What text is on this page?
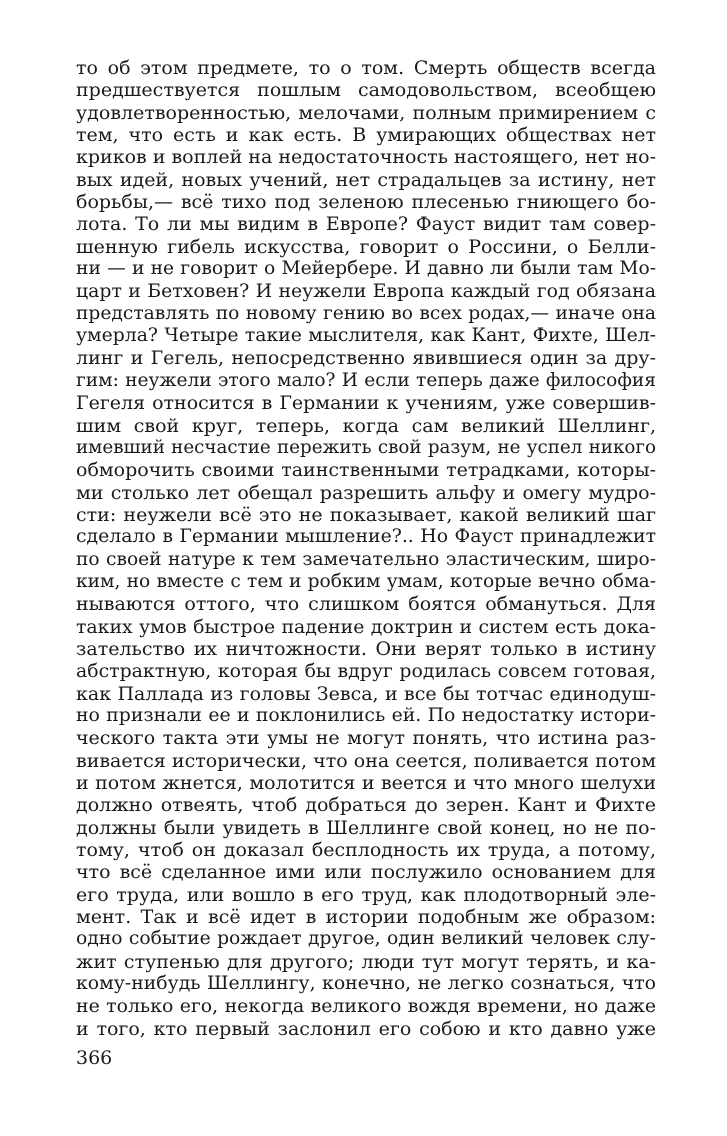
то об этом предмете, то о том. Смерть обществ всегда
предшествуется пошлым самодовольством, всеобщею
удовлетворенностью, мелочами, полным примирением с
тем, что есть и как есть. В умирающих обществах нет
криков и воплей на недостаточность настоящего, нет но-
вых идей, новых учений, нет страдальцев за истину, нет
борьбы,— всё тихо под зеленою плесенью гниющего бо-
лота. То ли мы видим в Европе? Фауст видит там совер-
шенную гибель искусства, говорит о Россини, о Белли-
ни — и не говорит о Мейербере. И давно ли были там Мо-
царт и Бетховен? И неужели Европа каждый год обязана
представлять по новому гению во всех родах,— иначе она
умерла? Четыре такие мыслителя, как Кант, Фихте, Шел-
линг и Гегель, непосредственно явившиеся один за дру-
гим: неужели этого мало? И если теперь даже философия
Гегеля относится в Германии к учениям, уже совершив-
шим свой круг, теперь, когда сам великий Шеллинг,
имевший несчастие пережить свой разум, не успел никого
обморочить своими таинственными тетрадками, которы-
ми столько лет обещал разрешить альфу и омегу мудро-
сти: неужели всё это не показывает, какой великий шаг
сделало в Германии мышление?.. Но Фауст принадлежит
по своей натуре к тем замечательно эластическим, широ-
ким, но вместе с тем и робким умам, которые вечно обма-
нываются оттого, что слишком боятся обмануться. Для
таких умов быстрое падение доктрин и систем есть дока-
зательство их ничтожности. Они верят только в истину
абстрактную, которая бы вдруг родилась совсем готовая,
как Паллада из головы Зевса, и все бы тотчас единодуш-
но признали ее и поклонились ей. По недостатку истори-
ческого такта эти умы не могут понять, что истина раз-
вивается исторически, что она сеется, поливается потом
и потом жнется, молотится и веется и что много шелухи
должно отвеять, чтоб добраться до зерен. Кант и Фихте
должны были увидеть в Шеллинге свой конец, но не по-
тому, чтоб он доказал бесплодность их труда, а потому,
что всё сделанное ими или послужило основанием для
его труда, или вошло в его труд, как плодотворный эле-
мент. Так и всё идет в истории подобным же образом:
одно событие рождает другое, один великий человек слу-
жит ступенью для другого; люди тут могут терять, и ка-
кому-нибудь Шеллингу, конечно, не легко сознаться, что
не только его, некогда великого вождя времени, но даже
и того, кто первый заслонил его собою и кто давно уже
366
